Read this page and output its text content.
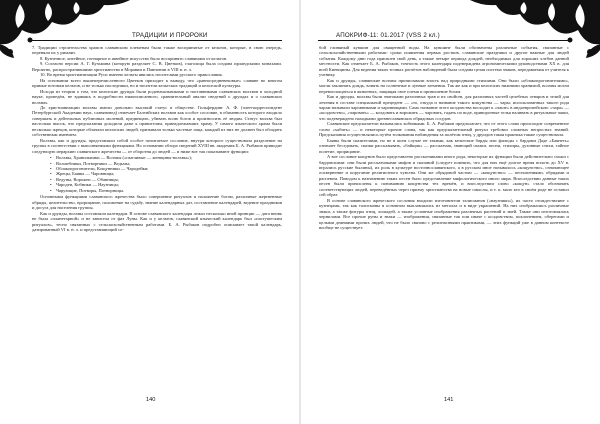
ТРАДИЦИИ И ПРОРОКИ

7. Традиции строительства храмов славянским племенам были также воспринятые от кельтов, которые, в свою очередь, переняли их у римлян.

8. Кузнечное, литейное, гончарное и швейное искусство было воспринято славянами от кельтов.

9. Согласно версии А. Г. Кузьмина (которую разделяет С. В. Цветков), глаголица была создана ирландскими монахами. Вероятно, распространившими христианство в Моравии и Паннонии в VIII в. н. э.

10. Во время христианизации Руси именно кельты явились носителями русского православия.

На основании всего вышеперечисленного Цветков приходит к выводу, что «ранносредневековые» славяне во многом прямые потомки кельтов, и не только наследники, но и носители кельтских традиций и кельтской культуры.

Исходя из теории о том, что кельтские друиды были родоначальниками и наставниками славянских волхвов в холодной науке, проведём, не вдаваясь в подробности нижеописанного, сравнительный анализ сведений о друидах и о славянских волхвах.

До христианизации волхвы имели довольно высокий статус в обществе. Гильфердинг А. Ф. (член-корреспондент Петербургской Академии наук, славяновед) отмечает Балтийских волхвов как особое сословие, в обязанность которого входило совершать и дейтельных публичных молений, предвещать, убивать волю богов и произносить её людям. Статус волхва был настолько высок, что предсказания доходили даже к правителям, принадлежавших храму. У самого языческого храма были несколько жрецов, которые облачали кельтских людей, призывали только частные лица, каждый из них не должен был обладать собственным имением.

Волхвы, как и друиды, представляли собой особое почитаемое сословие, внутри которого существовала разделение на группы в соответствии с выполняемыми функциями. Но основании обзора сведений XVIII вв. академик Б. А. Рыбаков приводит следующую иерархию славянского жречества — от оборотня до людей — и ниже вот так показывают функции:

• Волхвы, Хранильники — Волхвы («пытливые — женщины-волхвы»);
• Волшебники, Потворники — Ведьмы;
• Облакопрогонители, Кощунники — Чародейки;
• Жрецы, Баяны — Чаровницы;
• Ведуны, Ворожеи — Обавницы;
• Чародеи, Кобники — Наузницы;
• Чарующие, Потворы, Потворницы.

Основными функциями славянского жречества было совершение ритуалов и наложение богам, различные жертвенные обряды, целительство, прорицание, положение на судьбу, знание календарных дат, составление календарей, ведение праздников и досуга для населения группы.

Как и друиды, волхвы составляли календари. В основе славянского календаря лежал несколько иной принцип — дата вновь не была «планетарной» и не зависела от фаз Луны. Как и у кельтов, славянский языческий календарь был «пастушеским ритуалов», тесно связанных с сельскохозяйственным работами. Б. А. Рыбаков подробно описывает такой календарь, датированный VI в. н. э. и представляющий со-

140
АПОКРИФ-11: 01.2017 (VSS 2 кл.)

бой глиняный кувшин для священной воды. На кувшине были обозначены различные события, связанные с сельскохозяйственными работами: сроки появления первых ростков, славянские праздники и другие важные для людей события. Каждому дню года присвоен свой день, а также четыре периода дождей, необходимых для хороших хлебов данной местности. Как отмечает Б. А. Рыбаков, точность этого календаря подтверждена агрономическими руководствами XX в. для всей Киевщины. Для ведения таких точных расчётов наблюдений была создана целая система знаков, передаваемая от учителя к ученику.

Как и друиды, славянские волхвы приписывали власть над природными стихиями. Они были «облакопрогонителями», могли заклинать дождь, влиять на солнечные и лунные затмения. Так же как и при кельтских нижними хранимой, волхвы могли перевоплощаться в животных, защищая свое племя и приношение богам.

Как и друиды, волхвы были знатоками различных трав и их свойств, для различных частей целебных отваров и зелий для лечения в составе специальной прецедент — «то, откуда и название такого кощунства — чары; использованных такого рода чарам называли чаровниками и чаровницами. Само название этого колдовства восходит к «чаше» в индоевропейском: «чара» — «колдовство», «чаровать» — колдовать и ворожить — чаровать, гадать по воде, приворотные зелья наливать в ритуальные чаши, что подтверждено находками древнеславянских обрядовых сосудов.

Славянские предсказатели назывались кобниками. Б. А. Рыбаков предполагает, что от этого слова происходит современное слово «хабить» — и некоторые прочие слова, так как предсказательный ритуал требовал сложных непростых знаний. Предсказания осуществлялись путём толкования наблюдения за полётом птиц, у друидов такая практика также существовала.

Баяны были сказителями, но не в коем случае не такими, как кельтские барды или филиды с бардами Даде «Баянеть» означает беседовать, сказки рассказывать, «байщик» — рассказчик, знающий сказки, песни, стихиры, духовные стихи, тайное полетие, прорицание.

А вот сословие кощунов было представлено рассказчиками иного рода, некоторые их функции были действительно схожи с бардовскими: они были рассказчиками мифов и сказаний (следует помнить, что для них ещё долгое время вплоть до XV в. игрались русские былины), их роль в культуре восточнославянского, а в русском иное называлось «кощунство», означающее осквернение и поругание религиозного чувства. Они же обрядовой частью — «кощунство» — песнопениями, обрядами и распевом. Поводом к назначению таких песен было представление мифологического иного мира. Впоследствии данные таких песен были причислены к пониманию кощунства тех времён, и впоследствии слово «кощун» стало обозначать соответствующих людей, переведённых через призму христианства на новые смыслы, и т. к. мало кто в своём роде не оставил сей образ.

В основе славянского жреческого сословия входили изготовители талисманов («наузники»), их часто отождествляют с кузнецами, так как талисманы в основном выплавлялись из металла и в виде украшений. На них изображались различные знаки, а также фигуры птиц, лошадей, а также условные изображения различных растений и змей. Также они изготовлялись чернилами. Все прочие руны и знаки — изображения, связанные так или иначе с колдовством, поклонением, оберегами и целыми деяниями прочих людей, что не было связано с религиозными практиками, — этих функций уже в данном контексте вообще не существует.

141
